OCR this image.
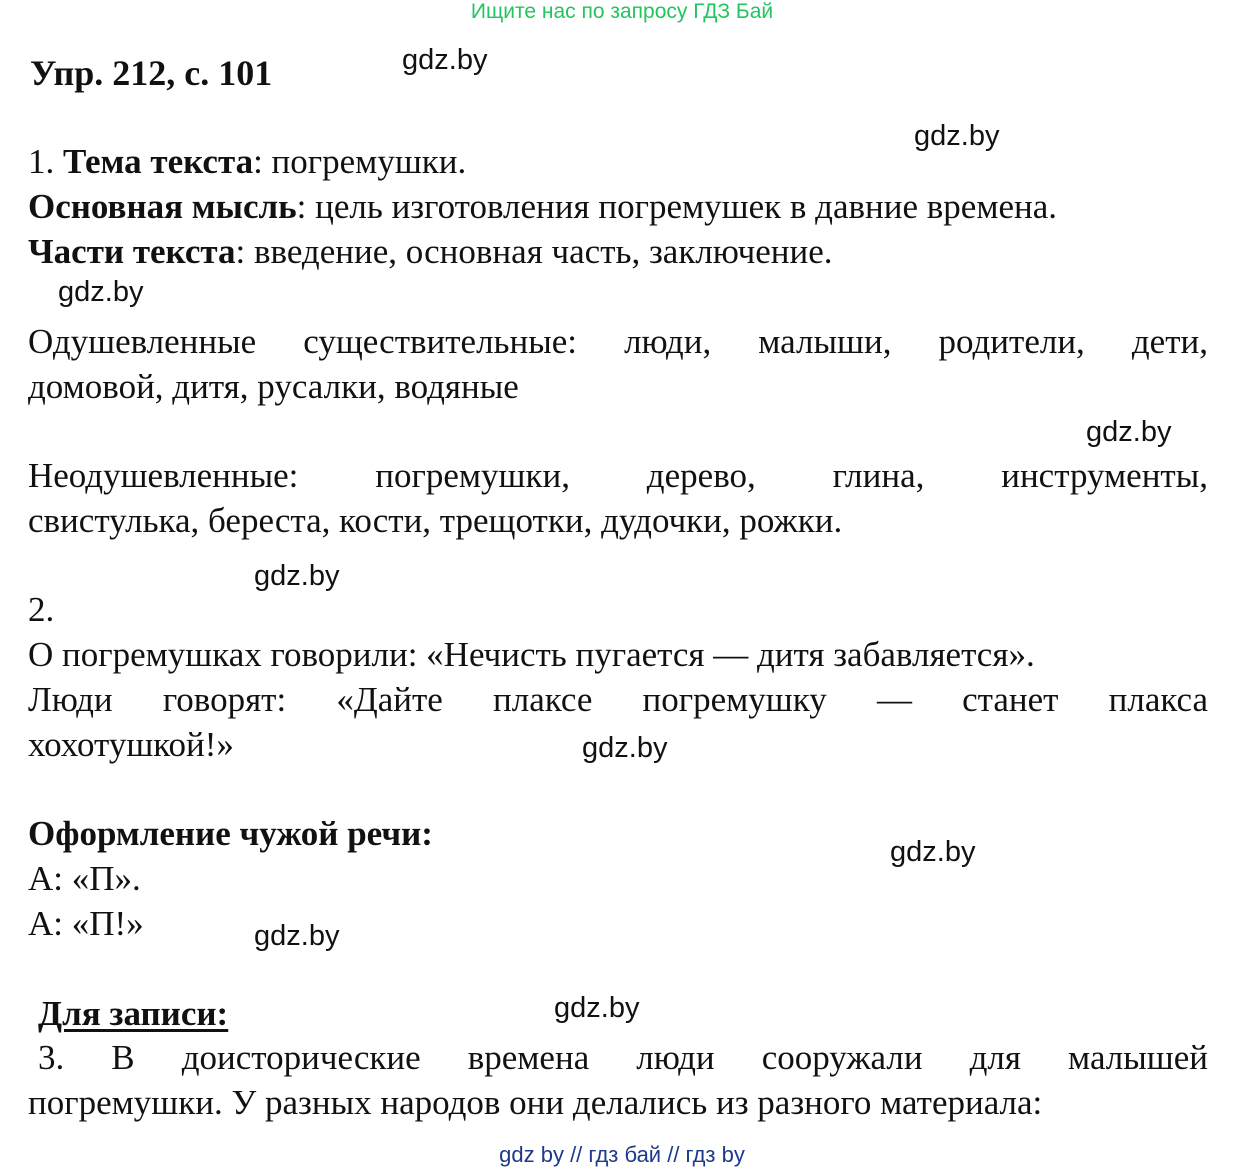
Ищите нас по запросу ГДЗ Бай
Упр. 212, с. 101	gdz.by
gdz.by
gdz.by
gdz.by
gdz.by
gdz.by
gdz.by
gdz.by
gdz.by
1. Тема текста: погремушки.
Основная мысль: цель изготовления погремушек в давние времена.
Части текста: введение, основная часть, заключение.
Одушевленные существительные: люди, малыши, родители, дети,
домовой, дитя, русалки, водяные
Неодушевленные: погремушки, дерево, глина, инструменты,
свистулька, береста, кости, трещотки, дудочки, рожки.
2.
О погремушках говорили: «Нечисть пугается — дитя забавляется».
Люди говорят: «Дайте плаксе погремушку — станет плакса
хохотушкой!»
Оформление чужой речи:
А: «П».
А: «П!»
Для записи:
3. В доисторические времена люди сооружали для малышей
погремушки. У разных народов они делались из разного материала:
gdz by // гдз бай // гдз by
